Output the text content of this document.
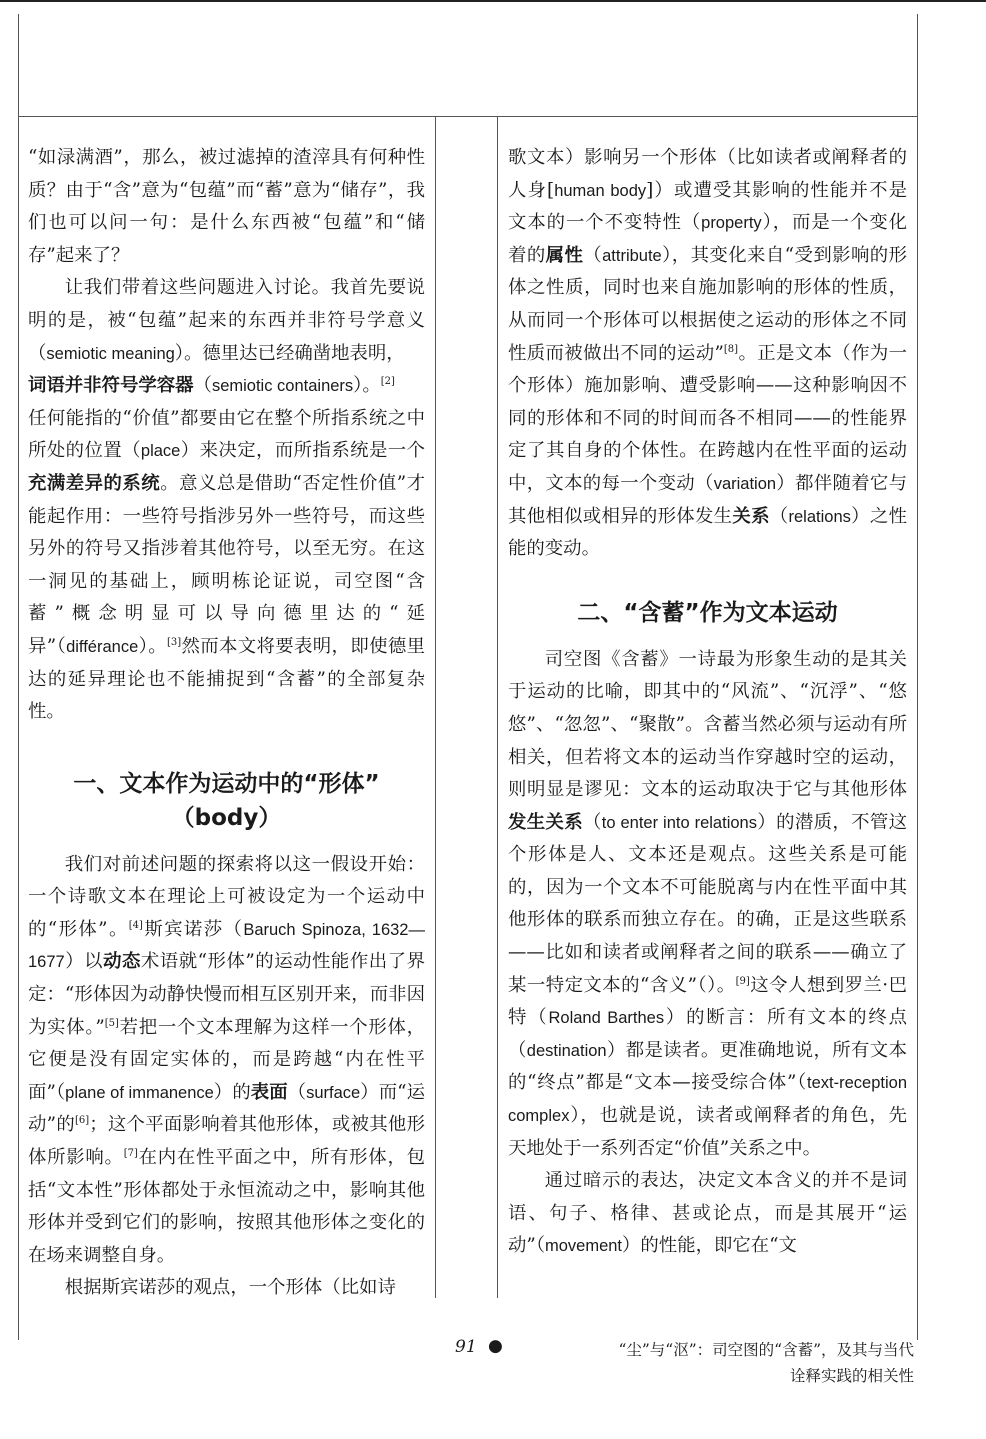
“如渌满酒”，那么，被过滤掉的渣滓具有何种性质？由于“含”意为“包蕴”而“蓄”意为“储存”，我们也可以问一句：是什么东西被“包蕴”和“储存”起来了？

让我们带着这些问题进入讨论。我首先要说明的是，被“包蕴”起来的东西并非符号学意义（semiotic meaning）。德里达已经确凿地表明，
词语并非符号学容器（semiotic containers）。[2]
任何能指的“价值”都要由它在整个所指系统之中所处的位置（place）来决定，而所指系统是一个充满差异的系统。意义总是借助“否定性价值”才能起作用：一些符号指涉另外一些符号，而这些另外的符号又指涉着其他符号，以至无穷。在这一洞见的基础上，顾明栋论证说，司空图“含蓄”概念明显可以导向德里达的“延异”（différance）。[3]然而本文将要表明，即使德里达的延异理论也不能捕捉到“含蓄”的全部复杂性。

一、文本作为运动中的“形体”
（body）

我们对前述问题的探索将以这一假设开始：一个诗歌文本在理论上可被设定为一个运动中的“形体”。[4]斯宾诺莎（Baruch Spinoza, 1632—1677）以动态术语就“形体”的运动性能作出了界定：“形体因为动静快慢而相互区别开来，而非因为实体。”[5]若把一个文本理解为这样一个形体，它便是没有固定实体的，而是跨越“内在性平面”（plane of immanence）的表面（surface）而“运动”的[6]；这个平面影响着其他形体，或被其他形体所影响。[7]在内在性平面之中，所有形体，包括“文本性”形体都处于永恒流动之中，影响其他形体并受到它们的影响，按照其他形体之变化的在场来调整自身。

根据斯宾诺莎的观点，一个形体（比如诗

歌文本）影响另一个形体（比如读者或阐释者的人身[human body]）或遭受其影响的性能并不是文本的一个不变特性（property），而是一个变化着的属性（attribute），其变化来自“受到影响的形体之性质，同时也来自施加影响的形体的性质，从而同一个形体可以根据使之运动的形体之不同性质而被做出不同的运动”[8]。正是文本（作为一个形体）施加影响、遭受影响——这种影响因不同的形体和不同的时间而各不相同——的性能界定了其自身的个体性。在跨越内在性平面的运动中，文本的每一个变动（variation）都伴随着它与其他相似或相异的形体发生关系（relations）之性能的变动。

二、“含蓄”作为文本运动

司空图《含蓄》一诗最为形象生动的是其关于运动的比喻，即其中的“风流”、“沉浮”、“悠悠”、“忽忽”、“聚散”。含蓄当然必须与运动有所相关，但若将文本的运动当作穿越时空的运动，则明显是谬见：文本的运动取决于它与其他形体发生关系（to enter into relations）的潜质，不管这个形体是人、文本还是观点。这些关系是可能的，因为一个文本不可能脱离与内在性平面中其他形体的联系而独立存在。的确，正是这些联系——比如和读者或阐释者之间的联系——确立了某一特定文本的“含义”（）。[9]这令人想到罗兰·巴特（Roland Barthes）的断言：所有文本的终点（destination）都是读者。更准确地说，所有文本的“终点”都是“文本—接受综合体”（text-reception complex），也就是说，读者或阐释者的角色，先天地处于一系列否定“价值”关系之中。

通过暗示的表达，决定文本含义的并不是词语、句子、格律、甚或论点，而是其展开“运动”（movement）的性能，即它在“文

91 ●	“尘”与“沤”：司空图的“含蓄”，及其与当代
诠释实践的相关性
